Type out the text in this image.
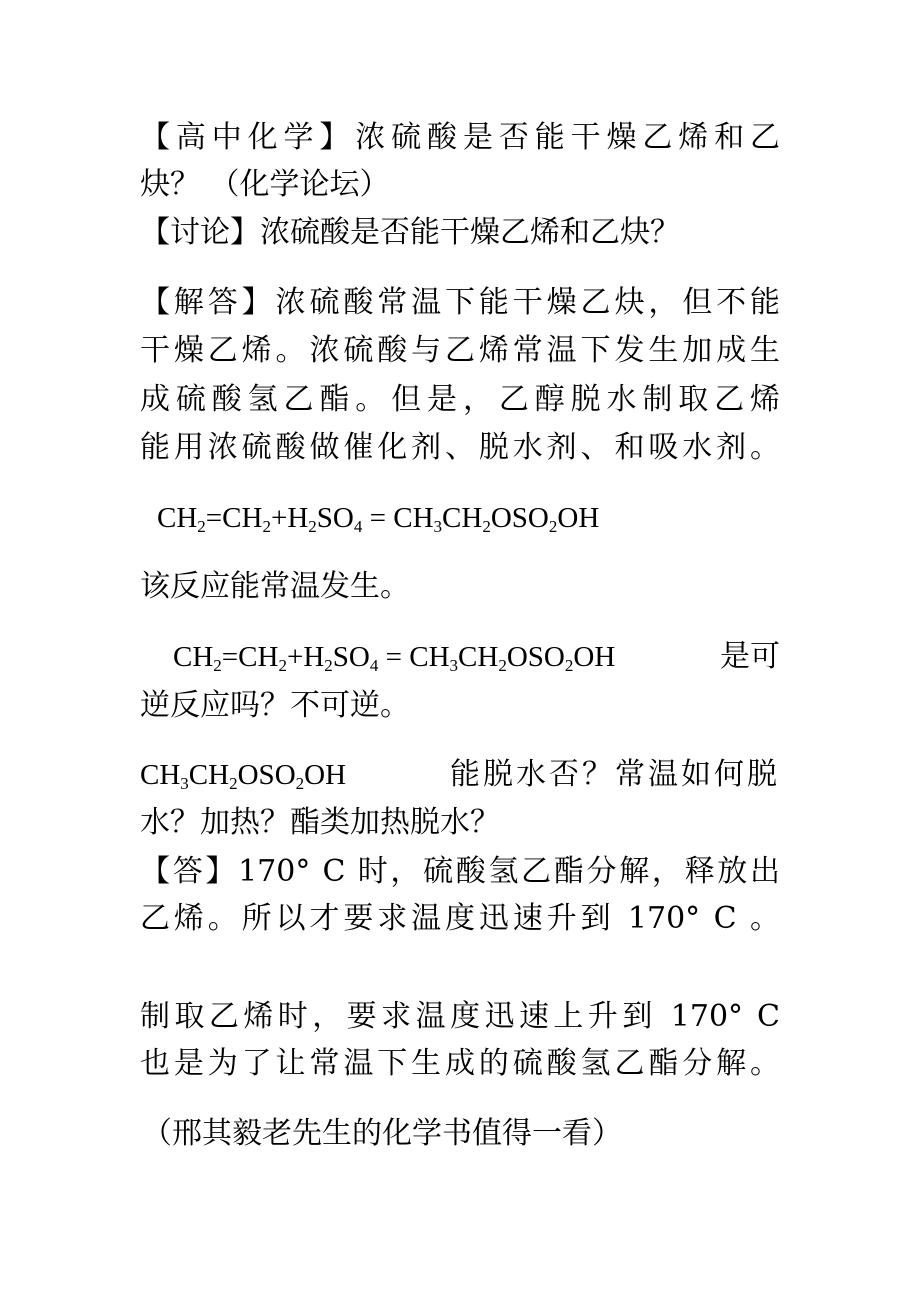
【高中化学】浓硫酸是否能干燥乙烯和乙
炔？ （化学论坛）
【讨论】浓硫酸是否能干燥乙烯和乙炔？
【解答】浓硫酸常温下能干燥乙炔，但不能
干燥乙烯。浓硫酸与乙烯常温下发生加成生
成硫酸氢乙酯。但是，乙醇脱水制取乙烯
能用浓硫酸做催化剂、脱水剂、和吸水剂。
$CH_2=CH_2+H_2SO_4 = CH_3CH_2OSO_2OH$
该反应能常温发生。
$CH_2=CH_2+H_2SO_4 = CH_3CH_2OSO_2OH$	是可
逆反应吗？不可逆。
$CH_3CH_2OSO_2OH$	能脱水否？常温如何脱
水？加热？酯类加热脱水？
【答】170° C 时，硫酸氢乙酯分解，释放出
乙烯。所以才要求温度迅速升到 170° C 。
制取乙烯时，要求温度迅速上升到 170° C
也是为了让常温下生成的硫酸氢乙酯分解。
（邢其毅老先生的化学书值得一看）
